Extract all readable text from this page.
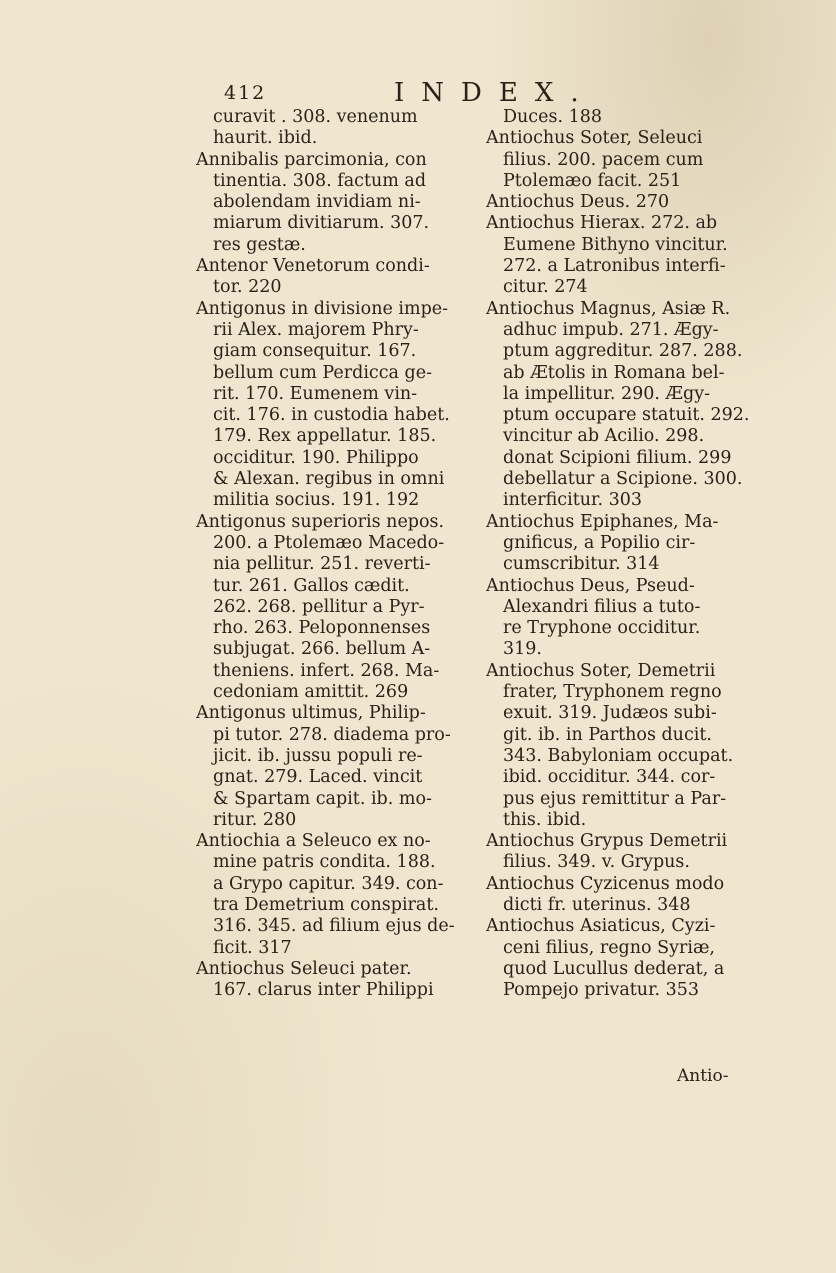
412	INDEX.
curavit . 308. venenum
haurit. ibid.
Annibalis parcimonia, con
tinentia. 308. factum ad
abolendam invidiam ni-
miarum divitiarum. 307.
res gestæ.
Antenor Venetorum condi-
tor. 220
Antigonus in divisione impe-
rii Alex. majorem Phry-
giam consequitur. 167.
bellum cum Perdicca ge-
rit. 170. Eumenem vin-
cit. 176. in custodia habet.
179. Rex appellatur. 185.
occiditur. 190. Philippo
& Alexan. regibus in omni
militia socius. 191. 192
Antigonus superioris nepos.
200. a Ptolemæo Macedo-
nia pellitur. 251. reverti-
tur. 261. Gallos cædit.
262. 268. pellitur a Pyr-
rho. 263. Peloponnenses
subjugat. 266. bellum A-
theniens. infert. 268. Ma-
cedoniam amittit. 269
Antigonus ultimus, Philip-
pi tutor. 278. diadema pro-
jicit. ib. jussu populi re-
gnat. 279. Laced. vincit
& Spartam capit. ib. mo-
ritur. 280
Antiochia a Seleuco ex no-
mine patris condita. 188.
a Grypo capitur. 349. con-
tra Demetrium conspirat.
316. 345. ad filium ejus de-
ficit. 317
Antiochus Seleuci pater.
167. clarus inter Philippi
Duces. 188
Antiochus Soter, Seleuci
filius. 200. pacem cum
Ptolemæo facit. 251
Antiochus Deus. 270
Antiochus Hierax. 272. ab
Eumene Bithyno vincitur.
272. a Latronibus interfi-
citur. 274
Antiochus Magnus, Asiæ R.
adhuc impub. 271. Ægy-
ptum aggreditur. 287. 288.
ab Ætolis in Romana bel-
la impellitur. 290. Ægy-
ptum occupare statuit. 292.
vincitur ab Acilio. 298.
donat Scipioni filium. 299
debellatur a Scipione. 300.
interficitur. 303
Antiochus Epiphanes, Ma-
gnificus, a Popilio cir-
cumscribitur. 314
Antiochus Deus, Pseud-
Alexandri filius a tuto-
re Tryphone occiditur.
319.
Antiochus Soter, Demetrii
frater, Tryphonem regno
exuit. 319. Judæos subi-
git. ib. in Parthos ducit.
343. Babyloniam occupat.
ibid. occiditur. 344. cor-
pus ejus remittitur a Par-
this. ibid.
Antiochus Grypus Demetrii
filius. 349. v. Grypus.
Antiochus Cyzicenus modo
dicti fr. uterinus. 348
Antiochus Asiaticus, Cyzi-
ceni filius, regno Syriæ,
quod Lucullus dederat, a
Pompejo privatur. 353
Antio-
